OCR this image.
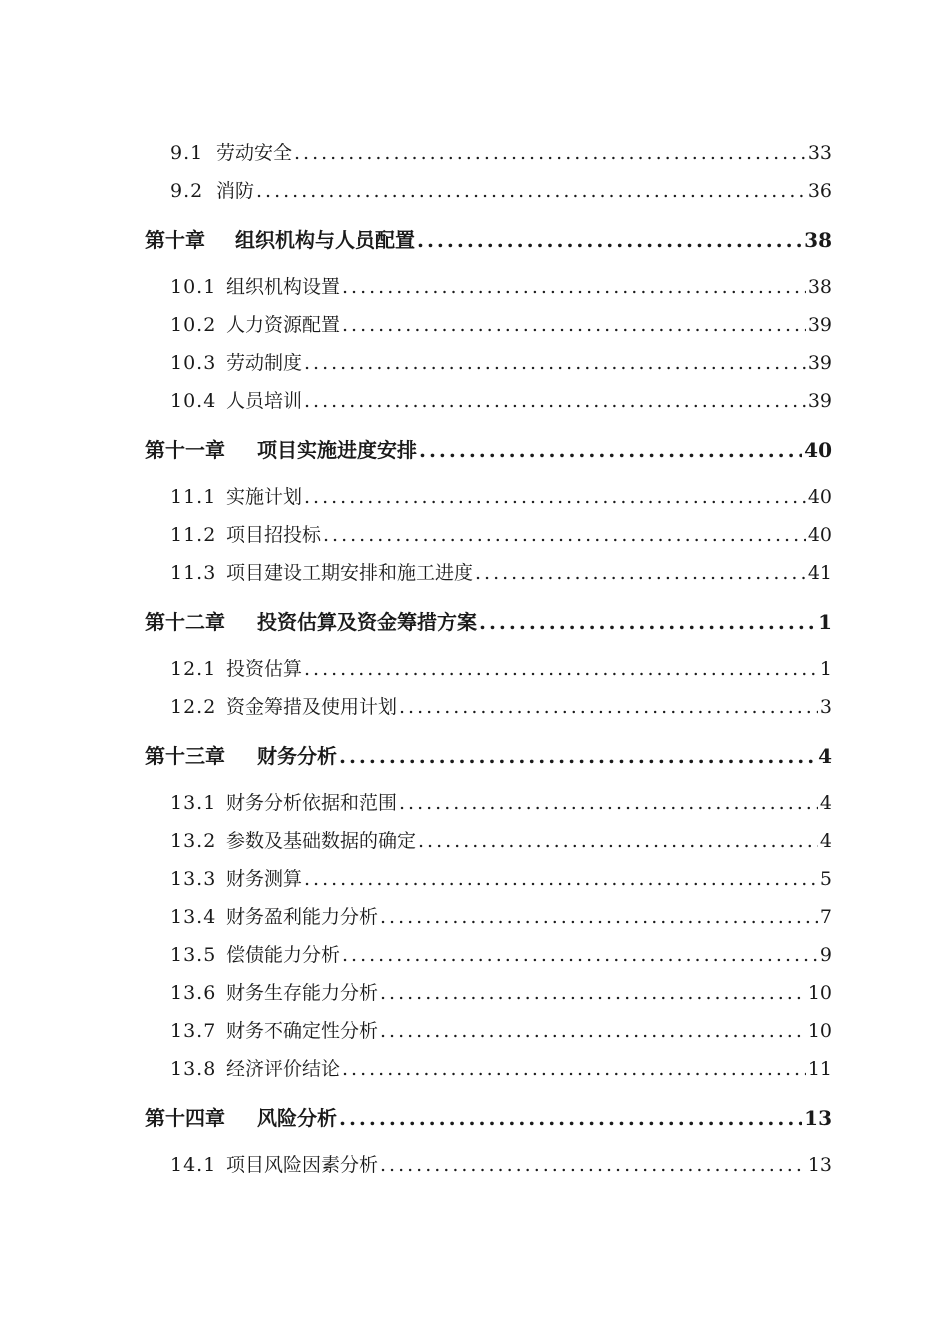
9.1 劳动安全 .....	33
9.2 消防 .....	36
第十章	组织机构与人员配置 .....	38
10.1 组织机构设置 .....	38
10.2 人力资源配置 .....	39
10.3 劳动制度 .....	39
10.4 人员培训 .....	39
第十一章	项目实施进度安排 .....	40
11.1 实施计划 .....	40
11.2 项目招投标 .....	40
11.3 项目建设工期安排和施工进度 .....	41
第十二章	投资估算及资金筹措方案 .....	1
12.1 投资估算 .....	1
12.2 资金筹措及使用计划 .....	3
第十三章	财务分析 .....	4
13.1 财务分析依据和范围 .....	4
13.2 参数及基础数据的确定 .....	4
13.3 财务测算 .....	5
13.4 财务盈利能力分析 .....	7
13.5 偿债能力分析 .....	9
13.6 财务生存能力分析 .....	10
13.7 财务不确定性分析 .....	10
13.8 经济评价结论 .....	11
第十四章	风险分析 .....	13
14.1 项目风险因素分析 .....	13
